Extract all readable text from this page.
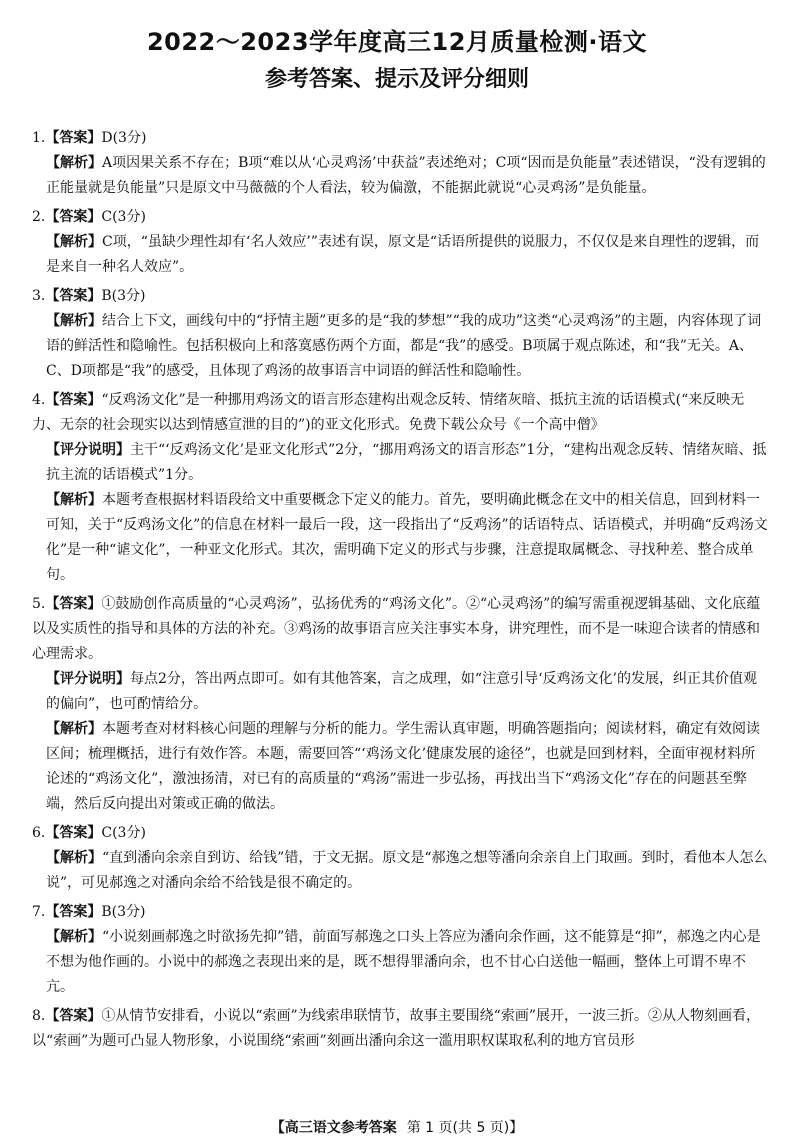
2022～2023学年度高三12月质量检测·语文
参考答案、提示及评分细则
1.【答案】D(3分)
【解析】A项因果关系不存在；B项“难以从‘心灵鸡汤’中获益”表述绝对；C项“因而是负能量”表述错误，“没有逻辑的正能量就是负能量”只是原文中马薇薇的个人看法，较为偏激，不能据此就说“心灵鸡汤”是负能量。
2.【答案】C(3分)
【解析】C项，“虽缺少理性却有‘名人效应’”表述有误，原文是“话语所提供的说服力，不仅仅是来自理性的逻辑，而是来自一种名人效应”。
3.【答案】B(3分)
【解析】结合上下文，画线句中的“抒情主题”更多的是“我的梦想”“我的成功”这类“心灵鸡汤”的主题，内容体现了词语的鲜活性和隐喻性。包括积极向上和落寞感伤两个方面，都是“我”的感受。B项属于观点陈述，和“我”无关。A、C、D项都是“我”的感受，且体现了鸡汤的故事语言中词语的鲜活性和隐喻性。
4.【答案】“反鸡汤文化”是一种挪用鸡汤文的语言形态建构出观念反转、情绪灰暗、抵抗主流的话语模式(“来反映无力、无奈的社会现实以达到情感宣泄的目的”)的亚文化形式。免费下载公众号《一个高中僧》
【评分说明】主干“‘反鸡汤文化’是亚文化形式”2分，“挪用鸡汤文的语言形态”1分，“建构出观念反转、情绪灰暗、抵抗主流的话语模式”1分。
【解析】本题考查根据材料语段给文中重要概念下定义的能力。首先，要明确此概念在文中的相关信息，回到材料一可知，关于“反鸡汤文化”的信息在材料一最后一段，这一段指出了“反鸡汤”的话语特点、话语模式，并明确“反鸡汤文化”是一种“谑文化”，一种亚文化形式。其次，需明确下定义的形式与步骤，注意提取属概念、寻找种差、整合成单句。
5.【答案】①鼓励创作高质量的“心灵鸡汤”，弘扬优秀的“鸡汤文化”。②“心灵鸡汤”的编写需重视逻辑基础、文化底蕴以及实质性的指导和具体的方法的补充。③鸡汤的故事语言应关注事实本身，讲究理性，而不是一味迎合读者的情感和心理需求。
【评分说明】每点2分，答出两点即可。如有其他答案，言之成理，如“注意引导‘反鸡汤文化’的发展，纠正其价值观的偏向”，也可酌情给分。
【解析】本题考查对材料核心问题的理解与分析的能力。学生需认真审题，明确答题指向；阅读材料，确定有效阅读区间；梳理概括，进行有效作答。本题，需要回答“‘鸡汤文化’健康发展的途径”，也就是回到材料，全面审视材料所论述的“鸡汤文化”，激浊扬清，对已有的高质量的“鸡汤”需进一步弘扬，再找出当下“鸡汤文化”存在的问题甚至弊端，然后反向提出对策或正确的做法。
6.【答案】C(3分)
【解析】“直到潘向余亲自到访、给钱”错，于文无据。原文是“郝逸之想等潘向余亲自上门取画。到时，看他本人怎么说”，可见郝逸之对潘向余给不给钱是很不确定的。
7.【答案】B(3分)
【解析】“小说刻画郝逸之时欲扬先抑”错，前面写郝逸之口头上答应为潘向余作画，这不能算是“抑”，郝逸之内心是不想为他作画的。小说中的郝逸之表现出来的是，既不想得罪潘向余，也不甘心白送他一幅画，整体上可谓不卑不亢。
8.【答案】①从情节安排看，小说以“索画”为线索串联情节，故事主要围绕“索画”展开，一波三折。②从人物刻画看，以“索画”为题可凸显人物形象，小说围绕“索画”刻画出潘向余这一滥用职权谋取私利的地方官员形
【高三语文参考答案 第 1 页(共 5 页)】
